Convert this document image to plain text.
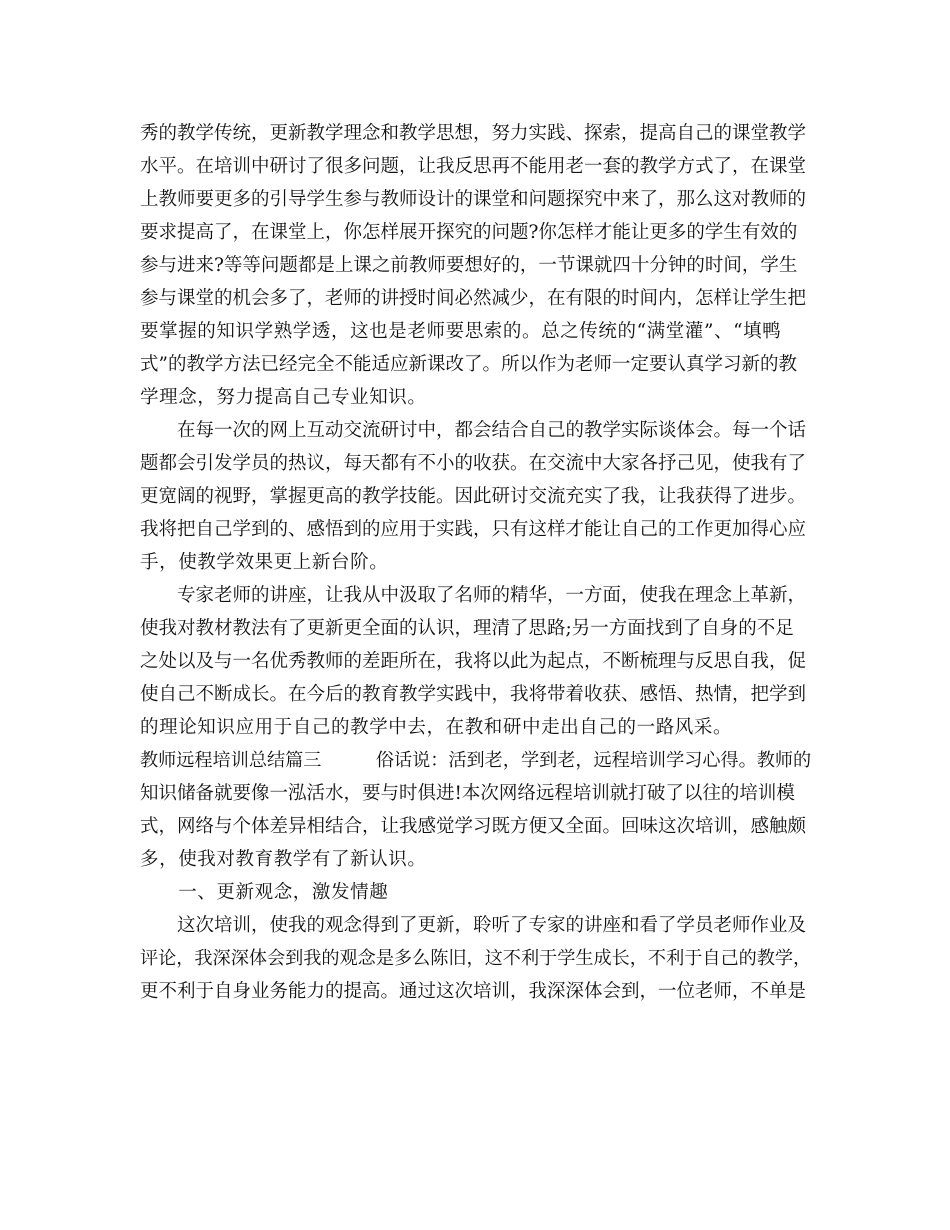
秀的教学传统，更新教学理念和教学思想，努力实践、探索，提高自己的课堂教学
水平。在培训中研讨了很多问题，让我反思再不能用老一套的教学方式了，在课堂
上教师要更多的引导学生参与教师设计的课堂和问题探究中来了，那么这对教师的
要求提高了，在课堂上，你怎样展开探究的问题?你怎样才能让更多的学生有效的
参与进来?等等问题都是上课之前教师要想好的，一节课就四十分钟的时间，学生
参与课堂的机会多了，老师的讲授时间必然减少，在有限的时间内，怎样让学生把
要掌握的知识学熟学透，这也是老师要思索的。总之传统的“满堂灌”、“填鸭
式”的教学方法已经完全不能适应新课改了。所以作为老师一定要认真学习新的教
学理念，努力提高自己专业知识。
　　在每一次的网上互动交流研讨中，都会结合自己的教学实际谈体会。每一个话
题都会引发学员的热议，每天都有不小的收获。在交流中大家各抒己见，使我有了
更宽阔的视野，掌握更高的教学技能。因此研讨交流充实了我，让我获得了进步。
我将把自己学到的、感悟到的应用于实践，只有这样才能让自己的工作更加得心应
手，使教学效果更上新台阶。
　　专家老师的讲座，让我从中汲取了名师的精华，一方面，使我在理念上革新，
使我对教材教法有了更新更全面的认识，理清了思路;另一方面找到了自身的不足
之处以及与一名优秀教师的差距所在，我将以此为起点，不断梳理与反思自我，促
使自己不断成长。在今后的教育教学实践中，我将带着收获、感悟、热情，把学到
的理论知识应用于自己的教学中去，在教和研中走出自己的一路风采。
教师远程培训总结篇三　　　俗话说：活到老，学到老，远程培训学习心得。教师的
知识储备就要像一泓活水，要与时俱进!本次网络远程培训就打破了以往的培训模
式，网络与个体差异相结合，让我感觉学习既方便又全面。回味这次培训，感触颇
多，使我对教育教学有了新认识。
　　一、更新观念，激发情趣
　　这次培训，使我的观念得到了更新，聆听了专家的讲座和看了学员老师作业及
评论，我深深体会到我的观念是多么陈旧，这不利于学生成长，不利于自己的教学，
更不利于自身业务能力的提高。通过这次培训，我深深体会到，一位老师，不单是
